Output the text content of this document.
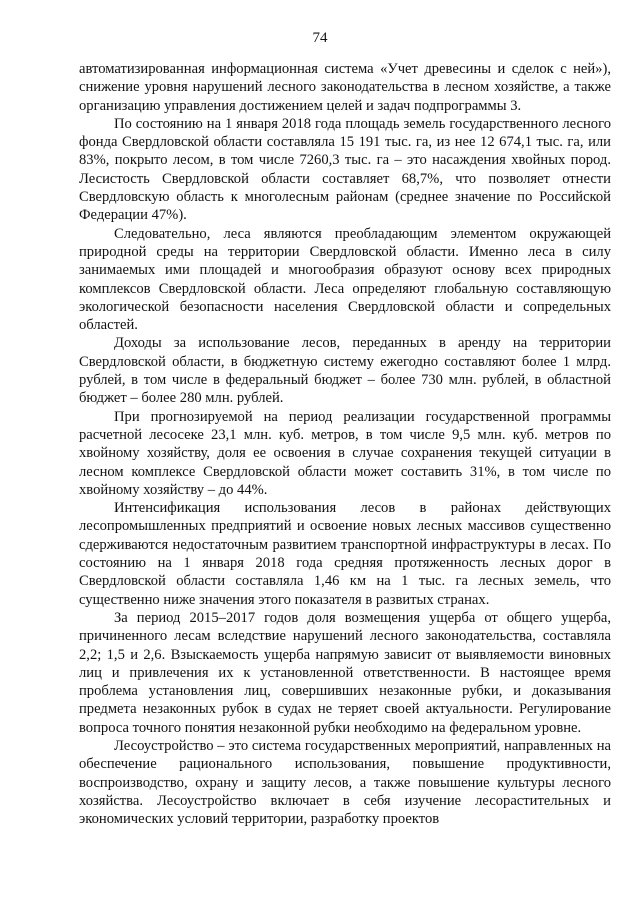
74

автоматизированная информационная система «Учет древесины и сделок с ней»), снижение уровня нарушений лесного законодательства в лесном хозяйстве, а также организацию управления достижением целей и задач подпрограммы 3.

По состоянию на 1 января 2018 года площадь земель государственного лесного фонда Свердловской области составляла 15 191 тыс. га, из нее 12 674,1 тыс. га, или 83%, покрыто лесом, в том числе 7260,3 тыс. га – это насаждения хвойных пород. Лесистость Свердловской области составляет 68,7%, что позволяет отнести Свердловскую область к многолесным районам (среднее значение по Российской Федерации 47%).

Следовательно, леса являются преобладающим элементом окружающей природной среды на территории Свердловской области. Именно леса в силу занимаемых ими площадей и многообразия образуют основу всех природных комплексов Свердловской области. Леса определяют глобальную составляющую экологической безопасности населения Свердловской области и сопредельных областей.

Доходы за использование лесов, переданных в аренду на территории Свердловской области, в бюджетную систему ежегодно составляют более 1 млрд. рублей, в том числе в федеральный бюджет – более 730 млн. рублей, в областной бюджет – более 280 млн. рублей.

При прогнозируемой на период реализации государственной программы расчетной лесосеке 23,1 млн. куб. метров, в том числе 9,5 млн. куб. метров по хвойному хозяйству, доля ее освоения в случае сохранения текущей ситуации в лесном комплексе Свердловской области может составить 31%, в том числе по хвойному хозяйству – до 44%.

Интенсификация использования лесов в районах действующих лесопромышленных предприятий и освоение новых лесных массивов существенно сдерживаются недостаточным развитием транспортной инфраструктуры в лесах. По состоянию на 1 января 2018 года средняя протяженность лесных дорог в Свердловской области составляла 1,46 км на 1 тыс. га лесных земель, что существенно ниже значения этого показателя в развитых странах.

За период 2015–2017 годов доля возмещения ущерба от общего ущерба, причиненного лесам вследствие нарушений лесного законодательства, составляла 2,2; 1,5 и 2,6. Взыскаемость ущерба напрямую зависит от выявляемости виновных лиц и привлечения их к установленной ответственности. В настоящее время проблема установления лиц, совершивших незаконные рубки, и доказывания предмета незаконных рубок в судах не теряет своей актуальности. Регулирование вопроса точного понятия незаконной рубки необходимо на федеральном уровне.

Лесоустройство – это система государственных мероприятий, направленных на обеспечение рационального использования, повышение продуктивности, воспроизводство, охрану и защиту лесов, а также повышение культуры лесного хозяйства. Лесоустройство включает в себя изучение лесорастительных и экономических условий территории, разработку проектов
